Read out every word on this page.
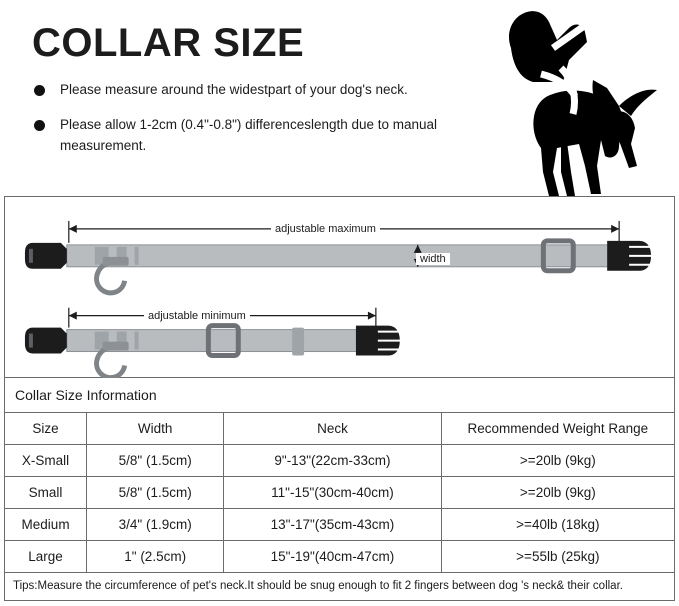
COLLAR SIZE
Please measure around the widestpart of your dog's neck.
Please allow 1-2cm (0.4"-0.8") differenceslength due to manual measurement.
adjustable maximum
adjustable minimum
width
Collar Size Information
Size	Width	Neck	Recommended Weight Range
X-Small	5/8" (1.5cm)	9"-13"(22cm-33cm)	>=20lb (9kg)
Small	5/8" (1.5cm)	11"-15"(30cm-40cm)	>=20lb (9kg)
Medium	3/4" (1.9cm)	13"-17"(35cm-43cm)	>=40lb (18kg)
Large	1" (2.5cm)	15"-19"(40cm-47cm)	>=55lb (25kg)
Tips:Measure the circumference of pet's neck.It should be snug enough to fit 2 fingers between dog 's neck& their collar.
